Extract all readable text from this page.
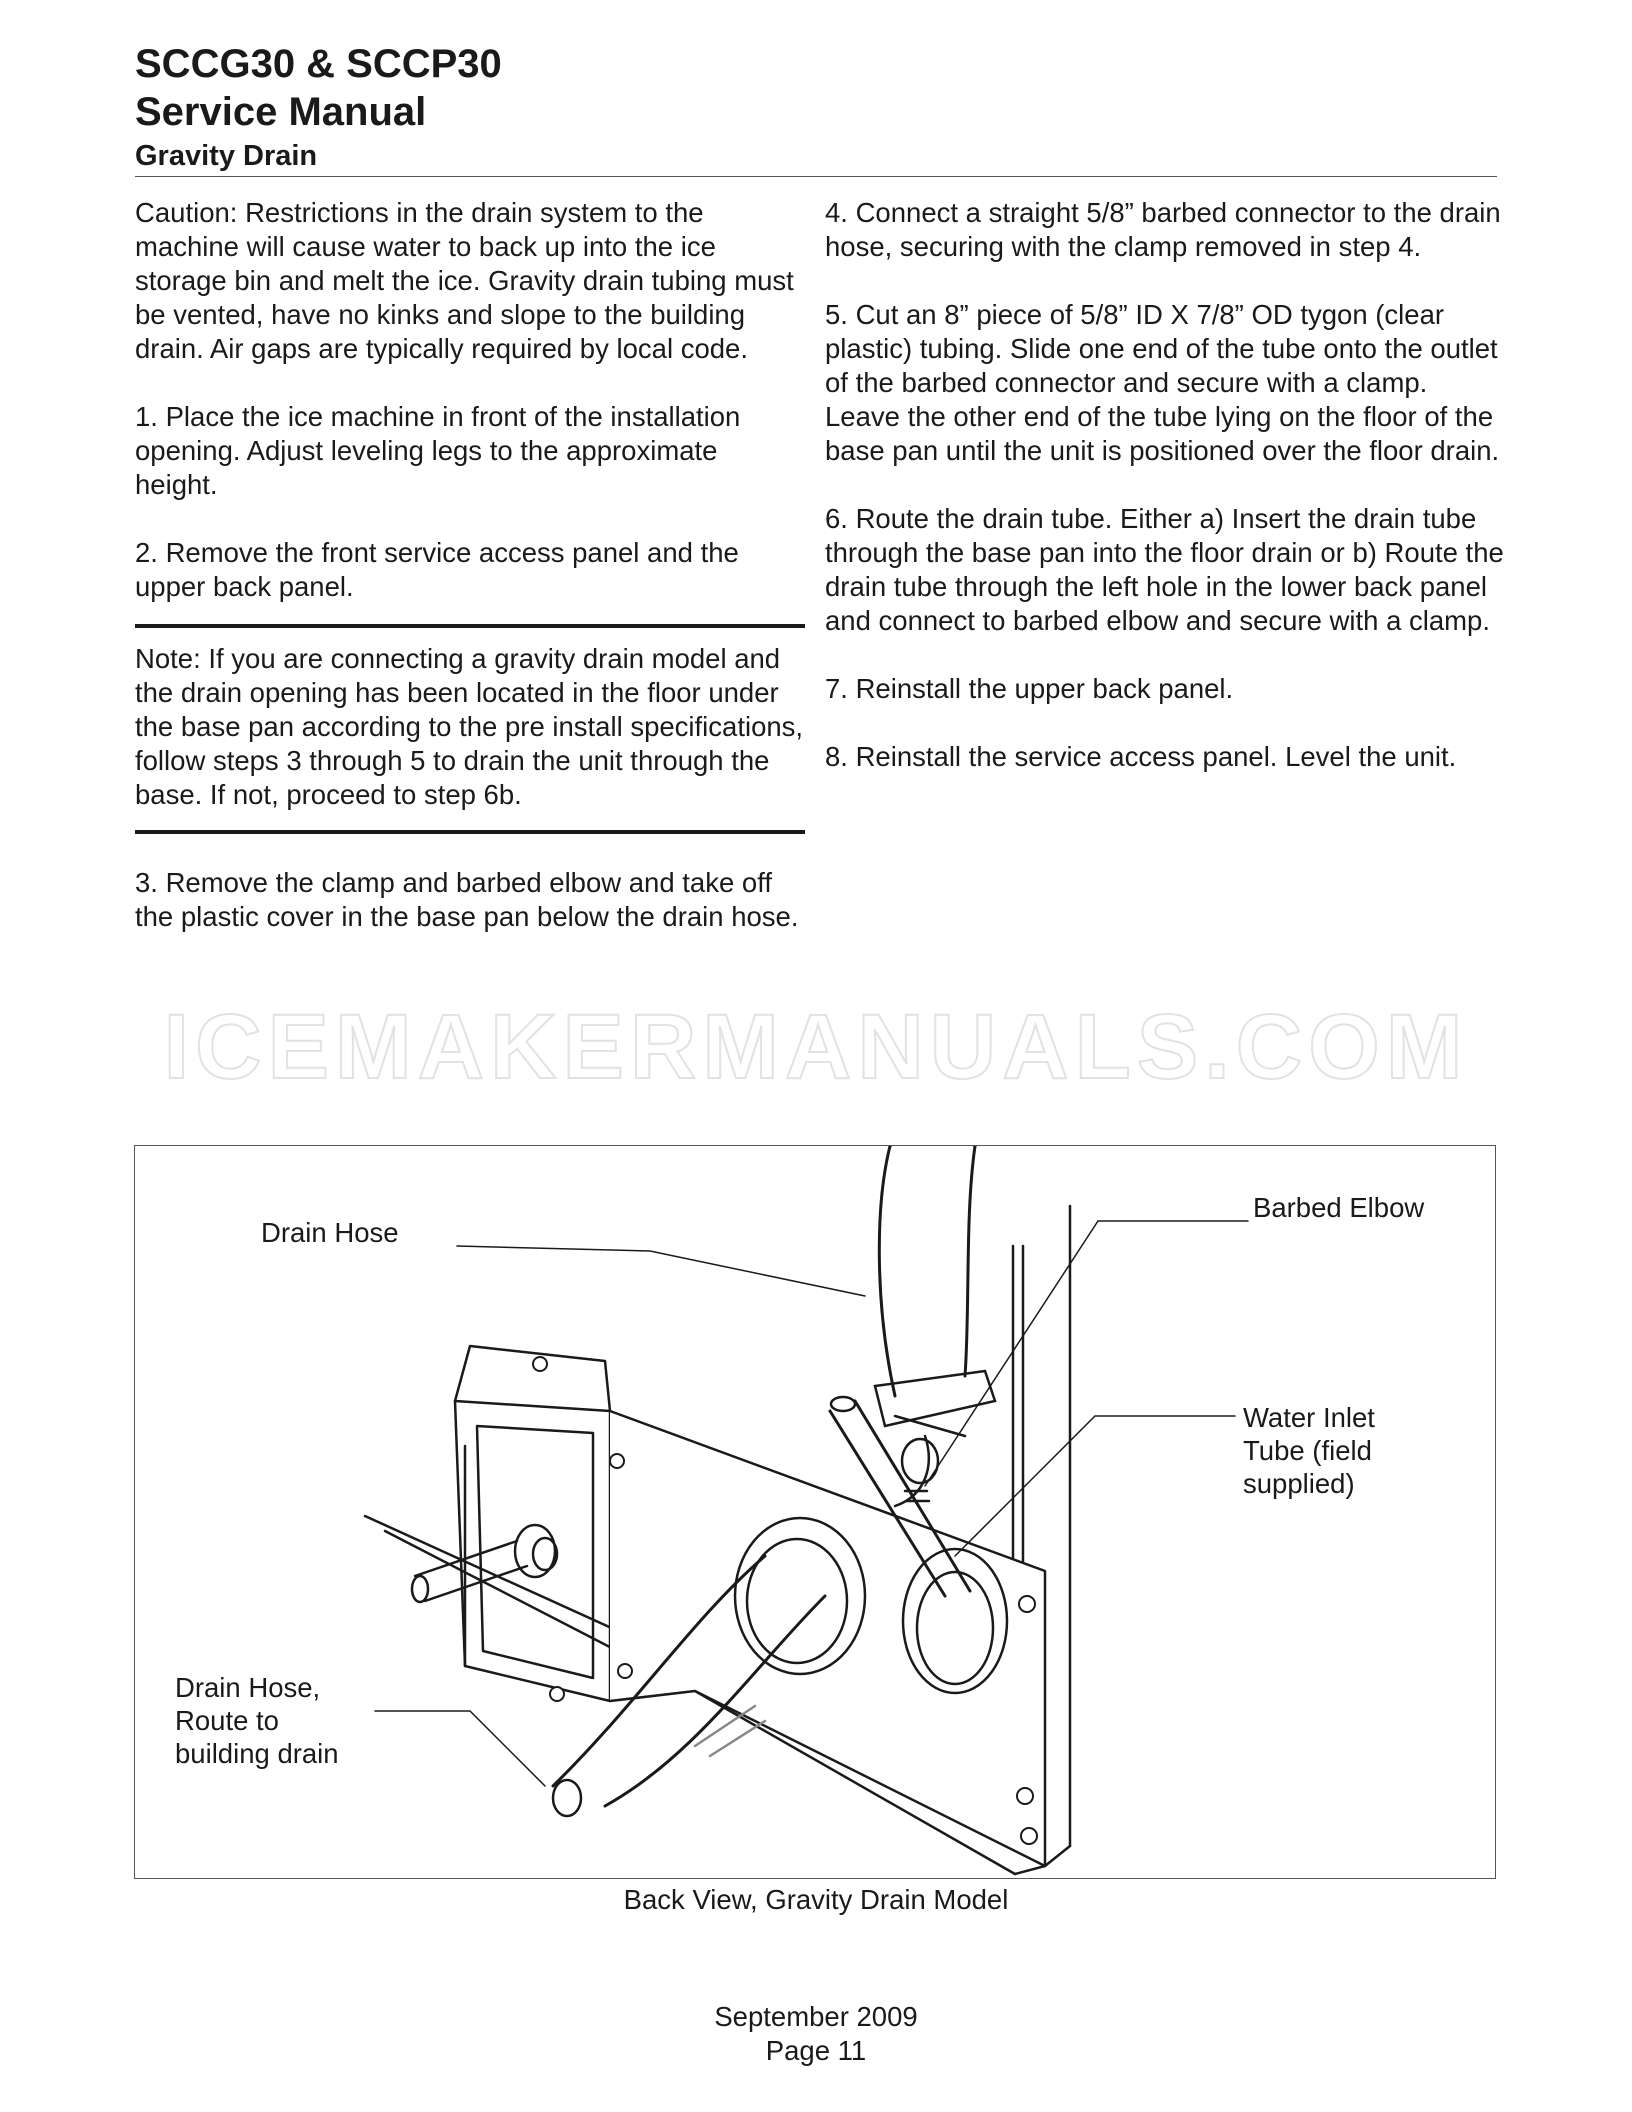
SCCG30 & SCCP30
Service Manual
Gravity Drain

Caution: Restrictions in the drain system to the machine will cause water to back up into the ice storage bin and melt the ice. Gravity drain tubing must be vented, have no kinks and slope to the building drain. Air gaps are typically required by local code.

1. Place the ice machine in front of the installation opening. Adjust leveling legs to the approximate height.

2. Remove the front service access panel and the upper back panel.

Note: If you are connecting a gravity drain model and the drain opening has been located in the floor under the base pan according to the pre install specifications, follow steps 3 through 5 to drain the unit through the base. If not, proceed to step 6b.

3. Remove the clamp and barbed elbow and take off the plastic cover in the base pan below the drain hose.

4. Connect a straight 5/8” barbed connector to the drain hose, securing with the clamp removed in step 4.

5. Cut an 8” piece of 5/8” ID X 7/8” OD tygon (clear plastic) tubing. Slide one end of the tube onto the outlet of the barbed connector and secure with a clamp. Leave the other end of the tube lying on the floor of the base pan until the unit is positioned over the floor drain.

6. Route the drain tube. Either a) Insert the drain tube through the base pan into the floor drain or b) Route the drain tube through the left hole in the lower back panel and connect to barbed elbow and secure with a clamp.

7. Reinstall the upper back panel.

8. Reinstall the service access panel. Level the unit.

ICEMAKERMANUALS.COM
Drain Hose
Barbed Elbow
Water Inlet
Tube (field
supplied)
Drain Hose,
Route to
building drain
Back View, Gravity Drain Model
September 2009
Page 11
